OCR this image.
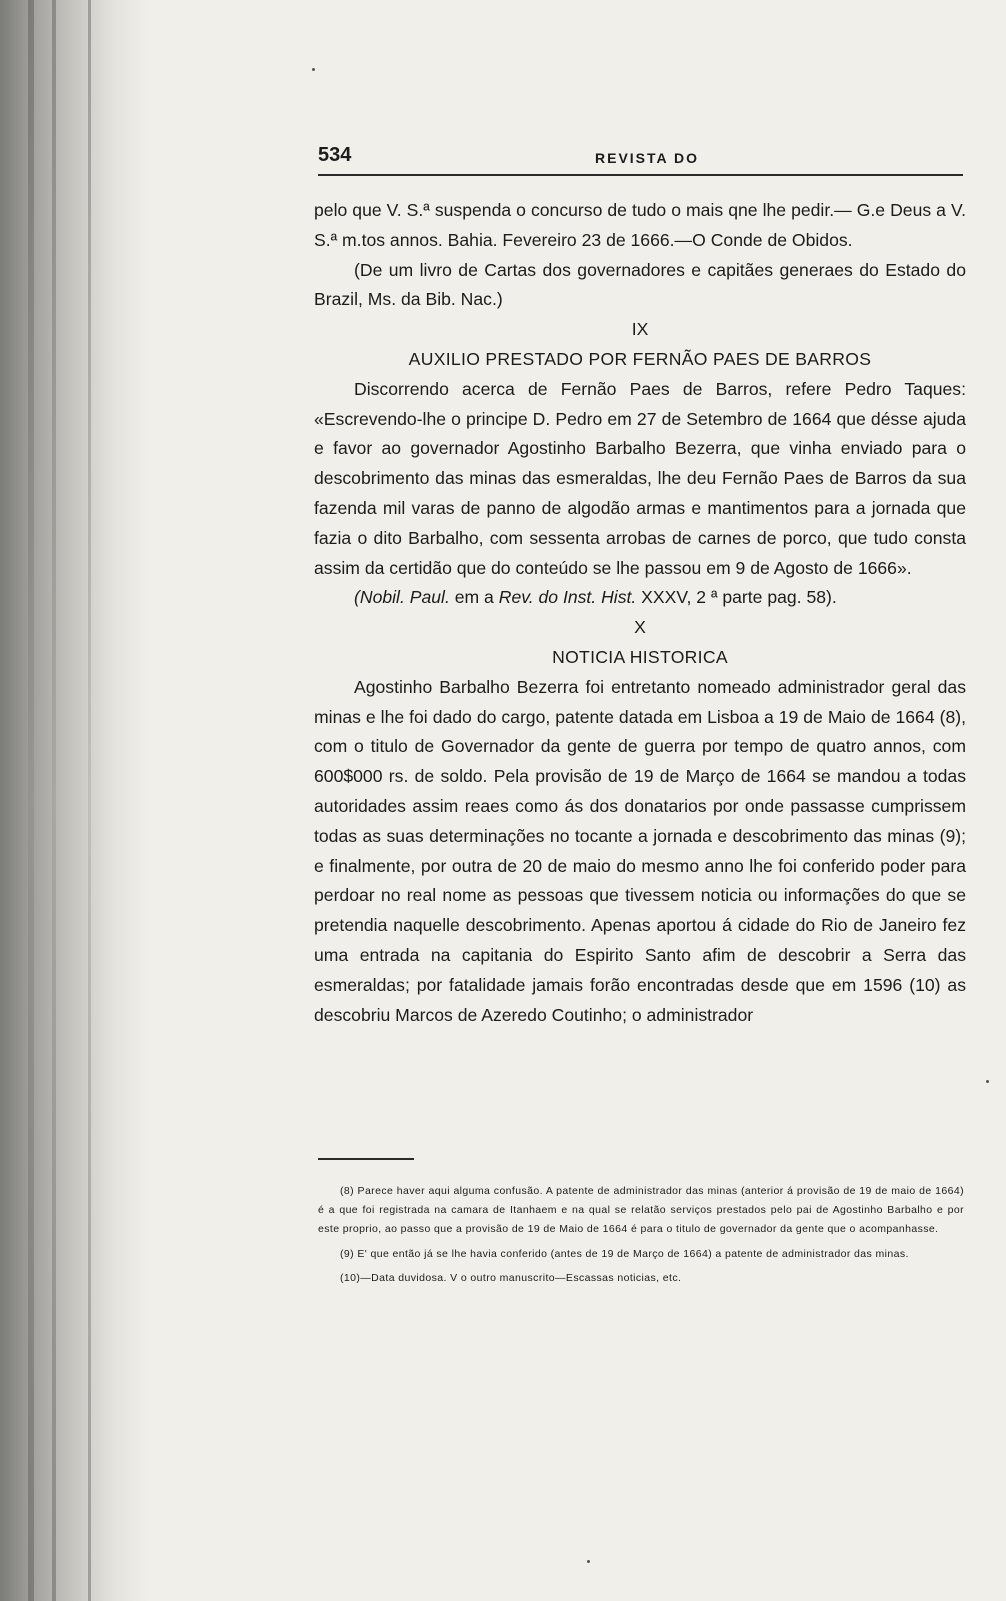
534	REVISTA DO

pelo que V. S.ª suspenda o concurso de tudo o mais qne lhe pedir.— G.e Deus a V. S.ª m.tos annos. Bahia. Fevereiro 23 de 1666.—O Conde de Obidos.

(De um livro de Cartas dos governadores e capitães generaes do Estado do Brazil, Ms. da Bib. Nac.)

IX

AUXILIO PRESTADO POR FERNÃO PAES DE BARROS

Discorrendo acerca de Fernão Paes de Barros, refere Pedro Taques: «Escrevendo-lhe o principe D. Pedro em 27 de Setembro de 1664 que désse ajuda e favor ao governador Agostinho Barbalho Bezerra, que vinha enviado para o descobrimento das minas das esmeraldas, lhe deu Fernão Paes de Barros da sua fazenda mil varas de panno de algodão armas e mantimentos para a jornada que fazia o dito Barbalho, com sessenta arrobas de carnes de porco, que tudo consta assim da certidão que do conteúdo se lhe passou em 9 de Agosto de 1666».

(Nobil. Paul. em a Rev. do Inst. Hist. XXXV, 2 ª parte pag. 58).

X

NOTICIA HISTORICA

Agostinho Barbalho Bezerra foi entretanto nomeado administrador geral das minas e lhe foi dado do cargo, patente datada em Lisboa a 19 de Maio de 1664 (8), com o titulo de Governador da gente de guerra por tempo de quatro annos, com 600$000 rs. de soldo. Pela provisão de 19 de Março de 1664 se mandou a todas autoridades assim reaes como ás dos donatarios por onde passasse cumprissem todas as suas determinações no tocante a jornada e descobrimento das minas (9); e finalmente, por outra de 20 de maio do mesmo anno lhe foi conferido poder para perdoar no real nome as pessoas que tivessem noticia ou informações do que se pretendia naquelle descobrimento. Apenas aportou á cidade do Rio de Janeiro fez uma entrada na capitania do Espirito Santo afim de descobrir a Serra das esmeraldas; por fatalidade jamais forão encontradas desde que em 1596 (10) as descobriu Marcos de Azeredo Coutinho; o administrador

(8) Parece haver aqui alguma confusão. A patente de administrador das minas (anterior á provisão de 19 de maio de 1664) é a que foi registrada na camara de Itanhaem e na qual se relatão serviços prestados pelo pai de Agostinho Barbalho e por este proprio, ao passo que a provisão de 19 de Maio de 1664 é para o titulo de governador da gente que o acompanhasse.

(9) E' que então já se lhe havia conferido (antes de 19 de Março de 1664) a patente de administrador das minas.

(10)—Data duvidosa. V o outro manuscrito—Escassas noticias, etc.
